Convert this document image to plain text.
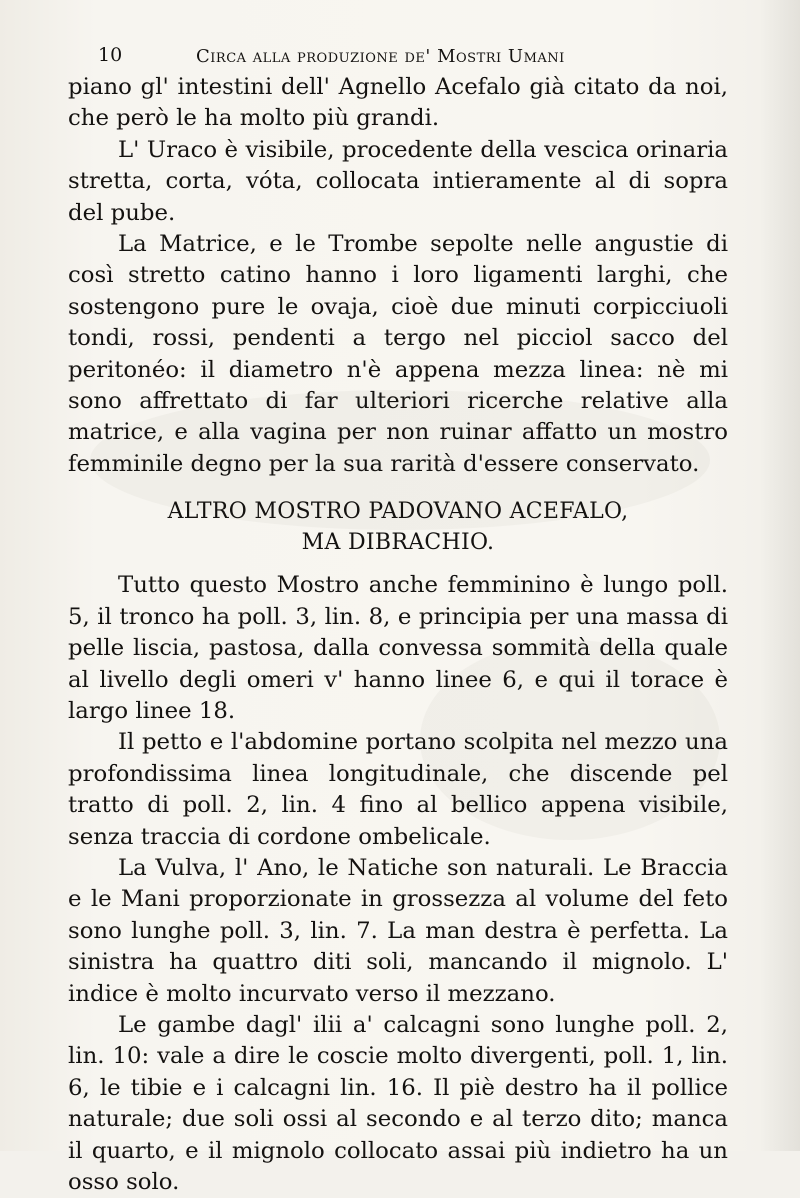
10	Circa alla produzione de' Mostri Umani

piano gl' intestini dell' Agnello Acefalo già citato da noi, che però le ha molto più grandi.

L' Uraco è visibile, procedente della vescica orinaria stretta, corta, vóta, collocata intieramente al di sopra del pube.

La Matrice, e le Trombe sepolte nelle angustie di così stretto catino hanno i loro ligamenti larghi, che sostengono pure le ovaja, cioè due minuti corpicciuoli tondi, rossi, pendenti a tergo nel picciol sacco del peritonéo: il diametro n'è appena mezza linea: nè mi sono affrettato di far ulteriori ricerche relative alla matrice, e alla vagina per non ruinar affatto un mostro femminile degno per la sua rarità d'essere conservato.

ALTRO MOSTRO PADOVANO ACEFALO,
MA DIBRACHIO.

Tutto questo Mostro anche femminino è lungo poll. 5, il tronco ha poll. 3, lin. 8, e principia per una massa di pelle liscia, pastosa, dalla convessa sommità della quale al livello degli omeri v' hanno linee 6, e qui il torace è largo linee 18.

Il petto e l'abdomine portano scolpita nel mezzo una profondissima linea longitudinale, che discende pel tratto di poll. 2, lin. 4 fino al bellico appena visibile, senza traccia di cordone ombelicale.

La Vulva, l' Ano, le Natiche son naturali. Le Braccia e le Mani proporzionate in grossezza al volume del feto sono lunghe poll. 3, lin. 7. La man destra è perfetta. La sinistra ha quattro diti soli, mancando il mignolo. L' indice è molto incurvato verso il mezzano.

Le gambe dagl' ilii a' calcagni sono lunghe poll. 2, lin. 10: vale a dire le coscie molto divergenti, poll. 1, lin. 6, le tibie e i calcagni lin. 16. Il piè destro ha il pollice naturale; due soli ossi al secondo e al terzo dito; manca il quarto, e il mignolo collocato assai più indietro ha un osso solo.
